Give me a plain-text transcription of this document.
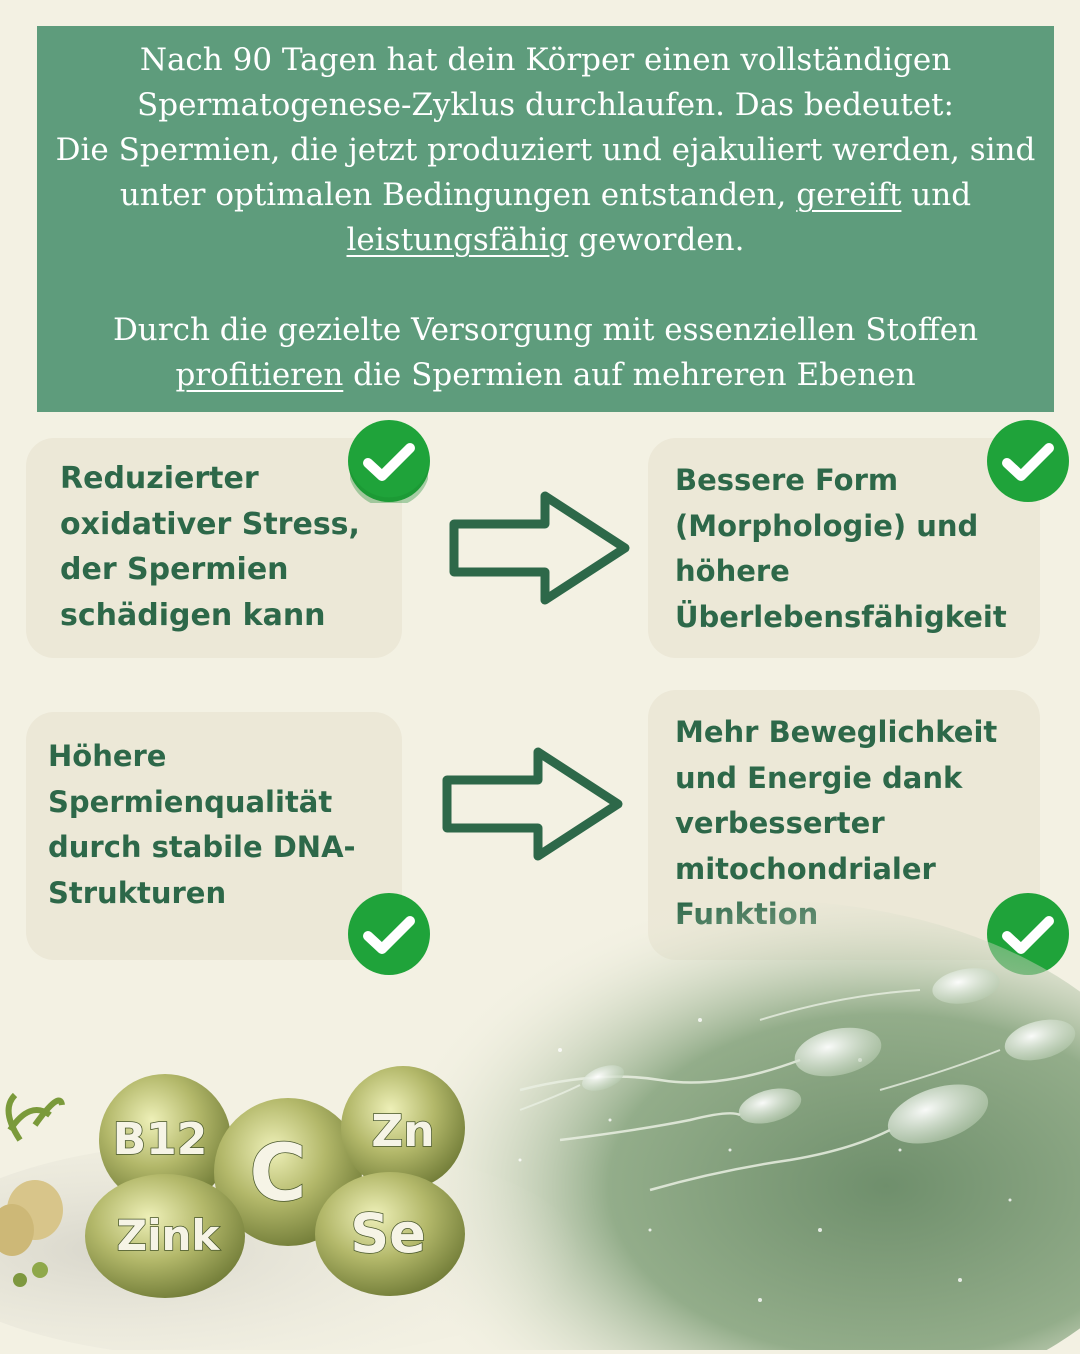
Nach 90 Tagen hat dein Körper einen vollständigen

Spermatogenese-Zyklus durchlaufen. Das bedeutet:

Die Spermien, die jetzt produziert und ejakuliert werden, sind

unter optimalen Bedingungen entstanden, gereift und

leistungsfähig geworden.

Durch die gezielte Versorgung mit essenziellen Stoffen

profitieren die Spermien auf mehreren Ebenen

Reduzierter
oxidativer Stress,
der Spermien
schädigen kann
Bessere Form
(Morphologie) und
höhere
Überlebensfähigkeit
Höhere
Spermienqualität
durch stabile DNA-
Strukturen
Mehr Beweglichkeit
und Energie dank
verbesserter
mitochondrialer
B12 C Zn
Zink Se
